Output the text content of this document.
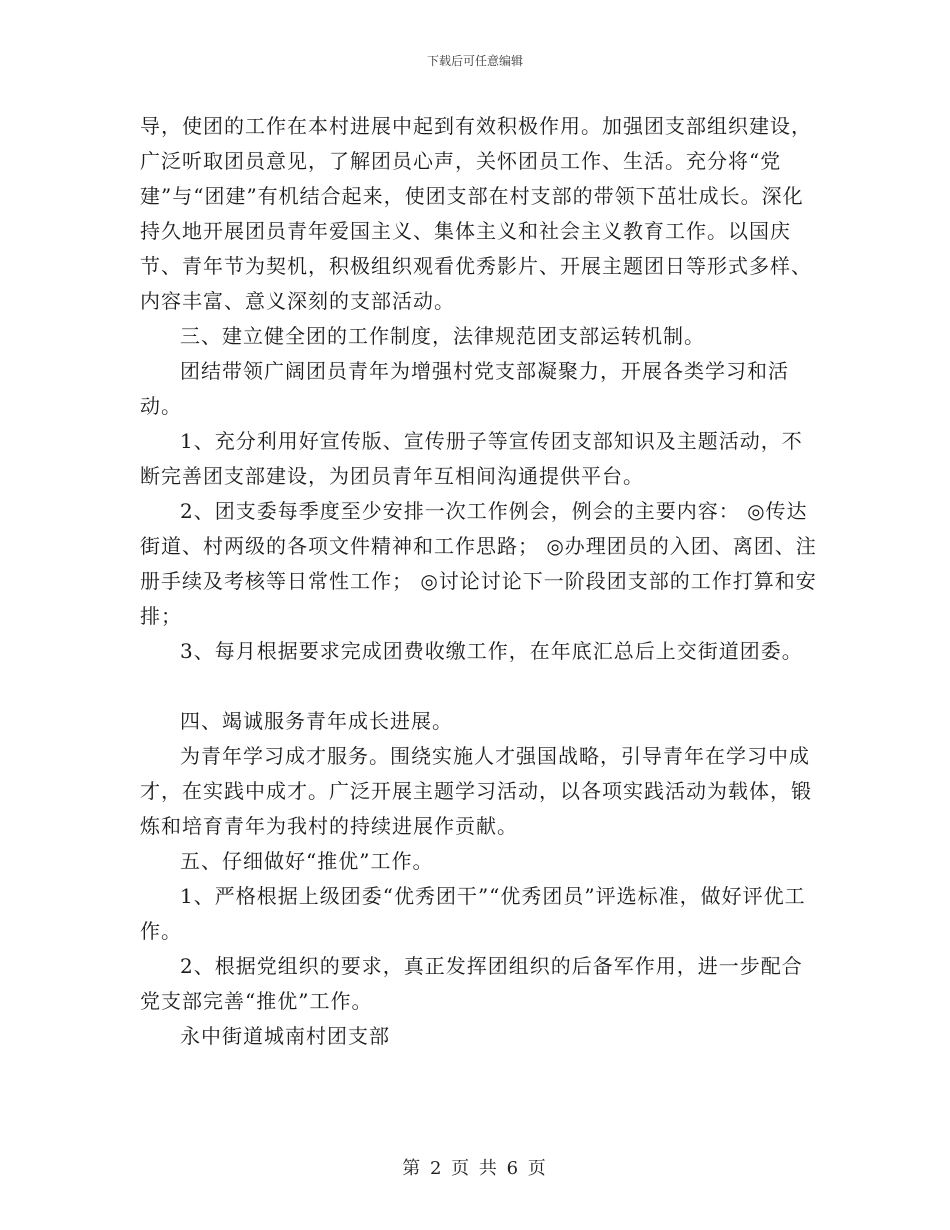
下载后可任意编辑

导，使团的工作在本村进展中起到有效积极作用。加强团支部组织建设，广泛听取团员意见，了解团员心声，关怀团员工作、生活。充分将“党建”与“团建”有机结合起来，使团支部在村支部的带领下茁壮成长。深化持久地开展团员青年爱国主义、集体主义和社会主义教育工作。以国庆节、青年节为契机，积极组织观看优秀影片、开展主题团日等形式多样、内容丰富、意义深刻的支部活动。

三、建立健全团的工作制度，法律规范团支部运转机制。

团结带领广阔团员青年为增强村党支部凝聚力，开展各类学习和活动。

1、充分利用好宣传版、宣传册子等宣传团支部知识及主题活动，不断完善团支部建设，为团员青年互相间沟通提供平台。

2、团支委每季度至少安排一次工作例会，例会的主要内容： ◎传达街道、村两级的各项文件精神和工作思路； ◎办理团员的入团、离团、注册手续及考核等日常性工作； ◎讨论讨论下一阶段团支部的工作打算和安排；

3、每月根据要求完成团费收缴工作，在年底汇总后上交街道团委。

四、竭诚服务青年成长进展。

为青年学习成才服务。围绕实施人才强国战略，引导青年在学习中成才，在实践中成才。广泛开展主题学习活动，以各项实践活动为载体，锻炼和培育青年为我村的持续进展作贡献。

五、仔细做好“推优”工作。

1、严格根据上级团委“优秀团干”“优秀团员”评选标准，做好评优工作。

2、根据党组织的要求，真正发挥团组织的后备军作用，进一步配合党支部完善“推优”工作。

永中街道城南村团支部

第 2 页 共 6 页
